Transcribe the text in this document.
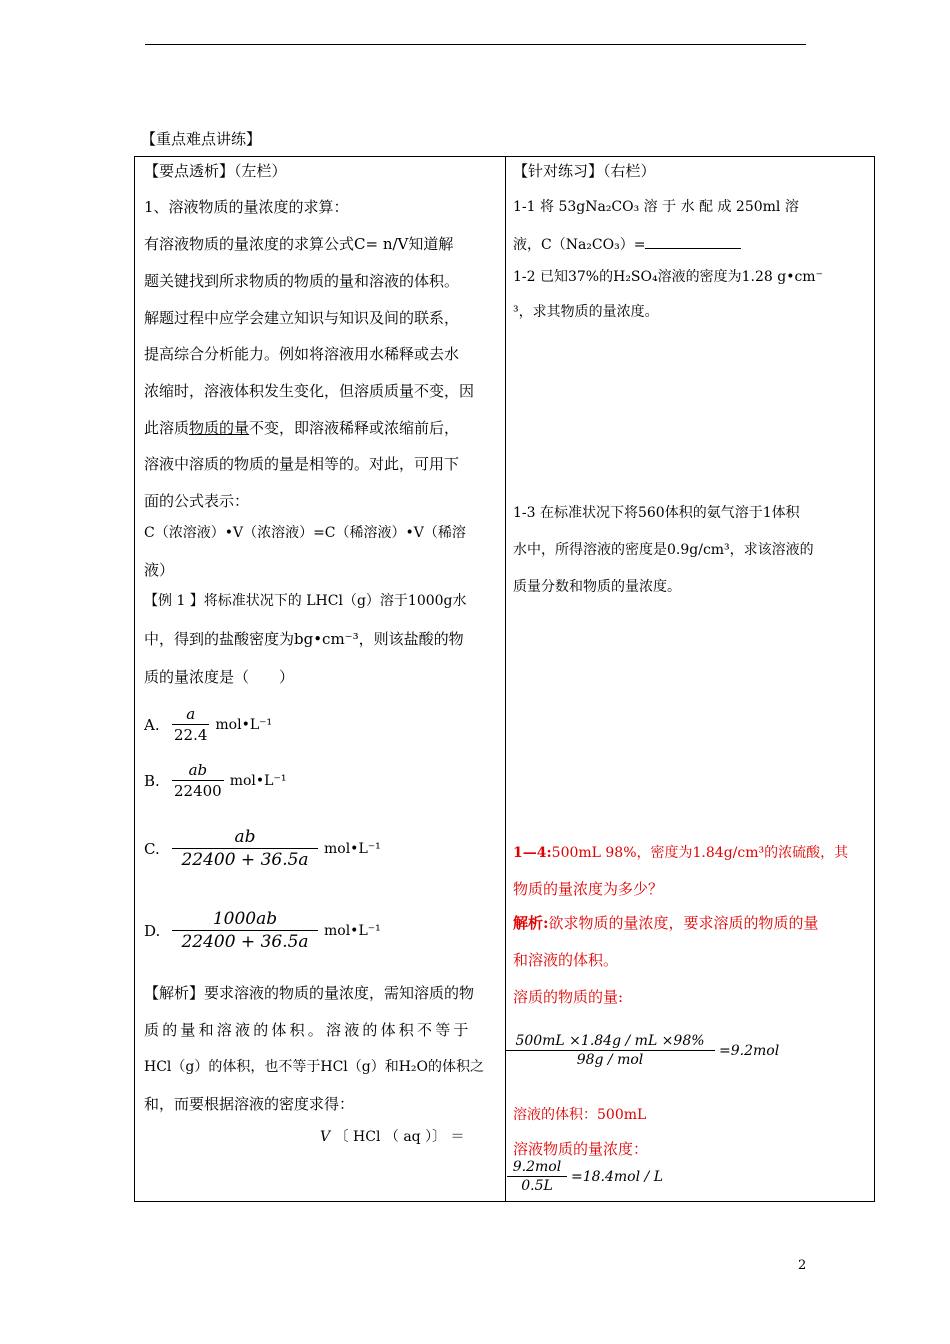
【重点难点讲练】
【要点透析】（左栏）
1、溶液物质的量浓度的求算：
有溶液物质的量浓度的求算公式C= n/V知道解
题关键找到所求物质的物质的量和溶液的体积。
解题过程中应学会建立知识与知识及间的联系，
提高综合分析能力。例如将溶液用水稀释或去水
浓缩时，溶液体积发生变化，但溶质质量不变，因
此溶质物质的量不变，即溶液稀释或浓缩前后，
溶液中溶质的物质的量是相等的。对此，可用下
面的公式表示：
C（浓溶液）•V（浓溶液）=C（稀溶液）•V（稀溶
液）
【例 1 】将标准状况下的 LHCl（g）溶于1000g水
中，得到的盐酸密度为bg•cm⁻³，则该盐酸的物
质的量浓度是（　　）
A. $\frac{a}{22.4}$ mol•L⁻¹
B. $\frac{ab}{22400}$ mol•L⁻¹
C. $\frac{ab}{22400 + 36.5a}$ mol•L⁻¹
D. $\frac{1000ab}{22400 + 36.5a}$ mol•L⁻¹
【解析】要求溶液的物质的量浓度，需知溶质的物
质的量和溶液的体积。溶液的体积不等于
HCl（g）的体积，也不等于HCl（g）和H₂O的体积之
和，而要根据溶液的密度求得：
V 〔 HCl （ aq ）〕 ＝
【针对练习】（右栏）
1-1 将 53gNa₂CO₃ 溶 于 水 配 成 250ml 溶
液，C（Na₂CO₃）=
1-2 已知37%的H₂SO₄溶液的密度为1.28 g•cm⁻
³，求其物质的量浓度。
1-3 在标准状况下将560体积的氨气溶于1体积
水中，所得溶液的密度是0.9g/cm³，求该溶液的
质量分数和物质的量浓度。
1—4:500mL 98%，密度为1.84g/cm³的浓硫酸，其
物质的量浓度为多少？
解析:欲求物质的量浓度，要求溶质的物质的量
和溶液的体积。
溶质的物质的量:
$\frac{500mL \times 1.84g / mL \times 98\%}{\text{98g / mol}} =9.2mol$
溶液的体积：500mL
溶液物质的量浓度：
$\frac{\text{9.2mol}}{0.5L} =18.4mol / L$
2
